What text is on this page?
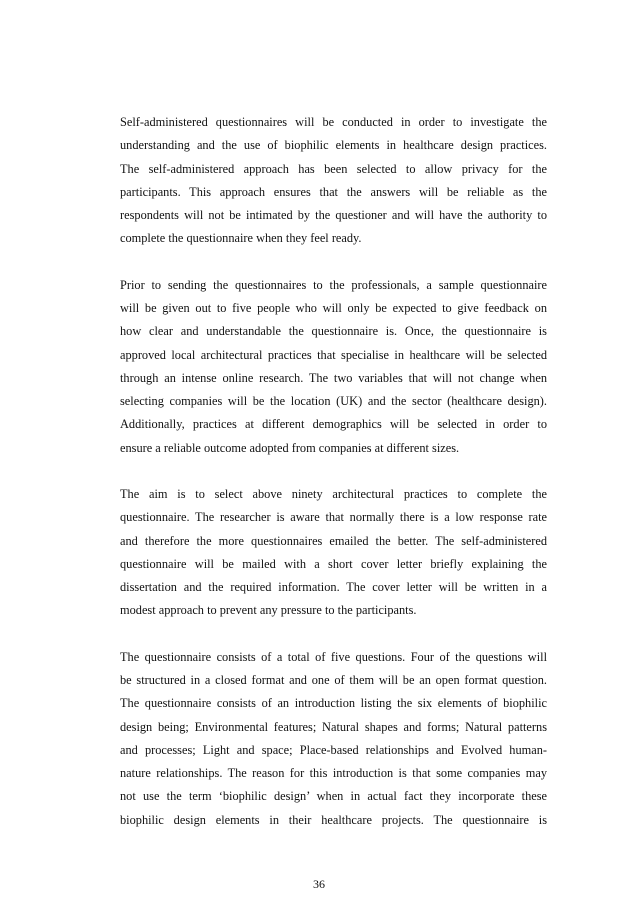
Self-administered questionnaires will be conducted in order to investigate the
understanding and the use of biophilic elements in healthcare design practices.
The self-administered approach has been selected to allow privacy for the
participants. This approach ensures that the answers will be reliable as the
respondents will not be intimated by the questioner and will have the authority to
complete the questionnaire when they feel ready.

Prior to sending the questionnaires to the professionals, a sample questionnaire
will be given out to five people who will only be expected to give feedback on
how clear and understandable the questionnaire is. Once, the questionnaire is
approved local architectural practices that specialise in healthcare will be selected
through an intense online research. The two variables that will not change when
selecting companies will be the location (UK) and the sector (healthcare design).
Additionally, practices at different demographics will be selected in order to
ensure a reliable outcome adopted from companies at different sizes.

The aim is to select above ninety architectural practices to complete the
questionnaire. The researcher is aware that normally there is a low response rate
and therefore the more questionnaires emailed the better. The self-administered
questionnaire will be mailed with a short cover letter briefly explaining the
dissertation and the required information. The cover letter will be written in a
modest approach to prevent any pressure to the participants.

The questionnaire consists of a total of five questions. Four of the questions will
be structured in a closed format and one of them will be an open format question.
The questionnaire consists of an introduction listing the six elements of biophilic
design being; Environmental features; Natural shapes and forms; Natural patterns
and processes; Light and space; Place-based relationships and Evolved human-
nature relationships. The reason for this introduction is that some companies may
not use the term ‘biophilic design’ when in actual fact they incorporate these
biophilic design elements in their healthcare projects. The questionnaire is

36
